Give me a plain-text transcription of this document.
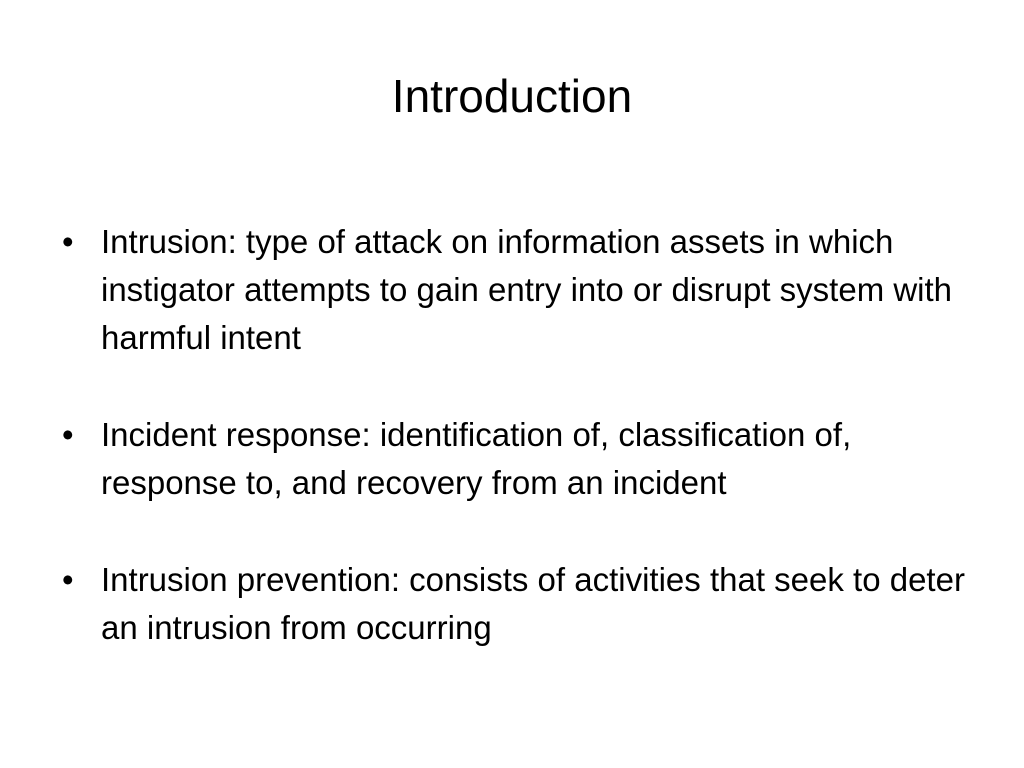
Introduction
• Intrusion: type of attack on information assets in which instigator attempts to gain entry into or disrupt system with harmful intent
• Incident response: identification of, classification of, response to, and recovery from an incident
• Intrusion prevention: consists of activities that seek to deter an intrusion from occurring
